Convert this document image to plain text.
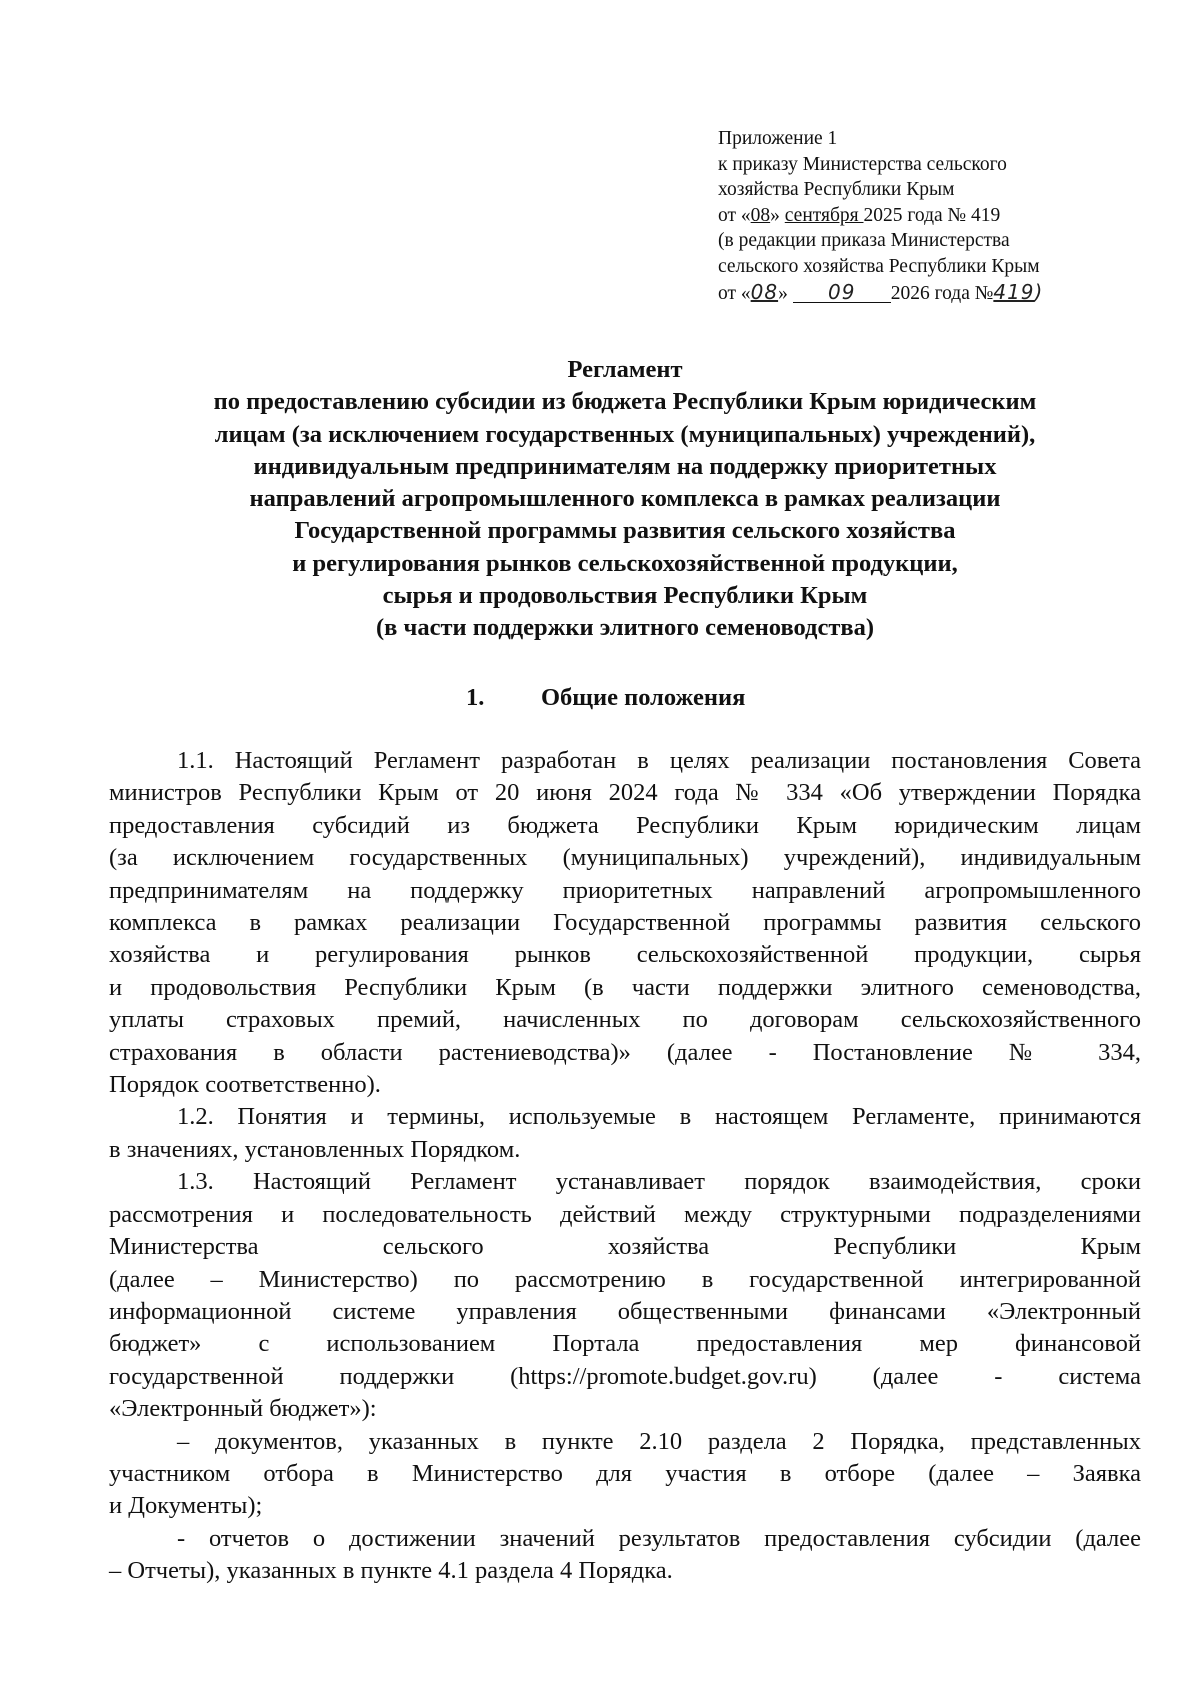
Приложение 1
к приказу Министерства сельского
хозяйства Республики Крым
от «08» сентября 2025 года № 419
(в редакции приказа Министерства
сельского хозяйства Республики Крым
от «08» 09 2026 года №419)
Регламент
по предоставлению субсидии из бюджета Республики Крым юридическим
лицам (за исключением государственных (муниципальных) учреждений),
индивидуальным предпринимателям на поддержку приоритетных
направлений агропромышленного комплекса в рамках реализации
Государственной программы развития сельского хозяйства
и регулирования рынков сельскохозяйственной продукции,
сырья и продовольствия Республики Крым
(в части поддержки элитного семеноводства)
1. Общие положения

1.1. Настоящий Регламент разработан в целях реализации постановления Совета
министров Республики Крым от 20 июня 2024 года № 334 «Об утверждении Порядка
предоставления субсидий из бюджета Республики Крым юридическим лицам
(за исключением государственных (муниципальных) учреждений), индивидуальным
предпринимателям на поддержку приоритетных направлений агропромышленного
комплекса в рамках реализации Государственной программы развития сельского
хозяйства и регулирования рынков сельскохозяйственной продукции, сырья
и продовольствия Республики Крым (в части поддержки элитного семеноводства,
уплаты страховых премий, начисленных по договорам сельскохозяйственного
страхования в области растениеводства)» (далее - Постановление № 334,
Порядок соответственно).

1.2. Понятия и термины, используемые в настоящем Регламенте, принимаются
в значениях, установленных Порядком.

1.3. Настоящий Регламент устанавливает порядок взаимодействия, сроки
рассмотрения и последовательность действий между структурными подразделениями
Министерства сельского хозяйства Республики Крым
(далее – Министерство) по рассмотрению в государственной интегрированной
информационной системе управления общественными финансами «Электронный
бюджет» с использованием Портала предоставления мер финансовой
государственной поддержки (https://promote.budget.gov.ru) (далее - система
«Электронный бюджет»):

– документов, указанных в пункте 2.10 раздела 2 Порядка, представленных
участником отбора в Министерство для участия в отборе (далее – Заявка
и Документы);

- отчетов о достижении значений результатов предоставления субсидии (далее
– Отчеты), указанных в пункте 4.1 раздела 4 Порядка.
